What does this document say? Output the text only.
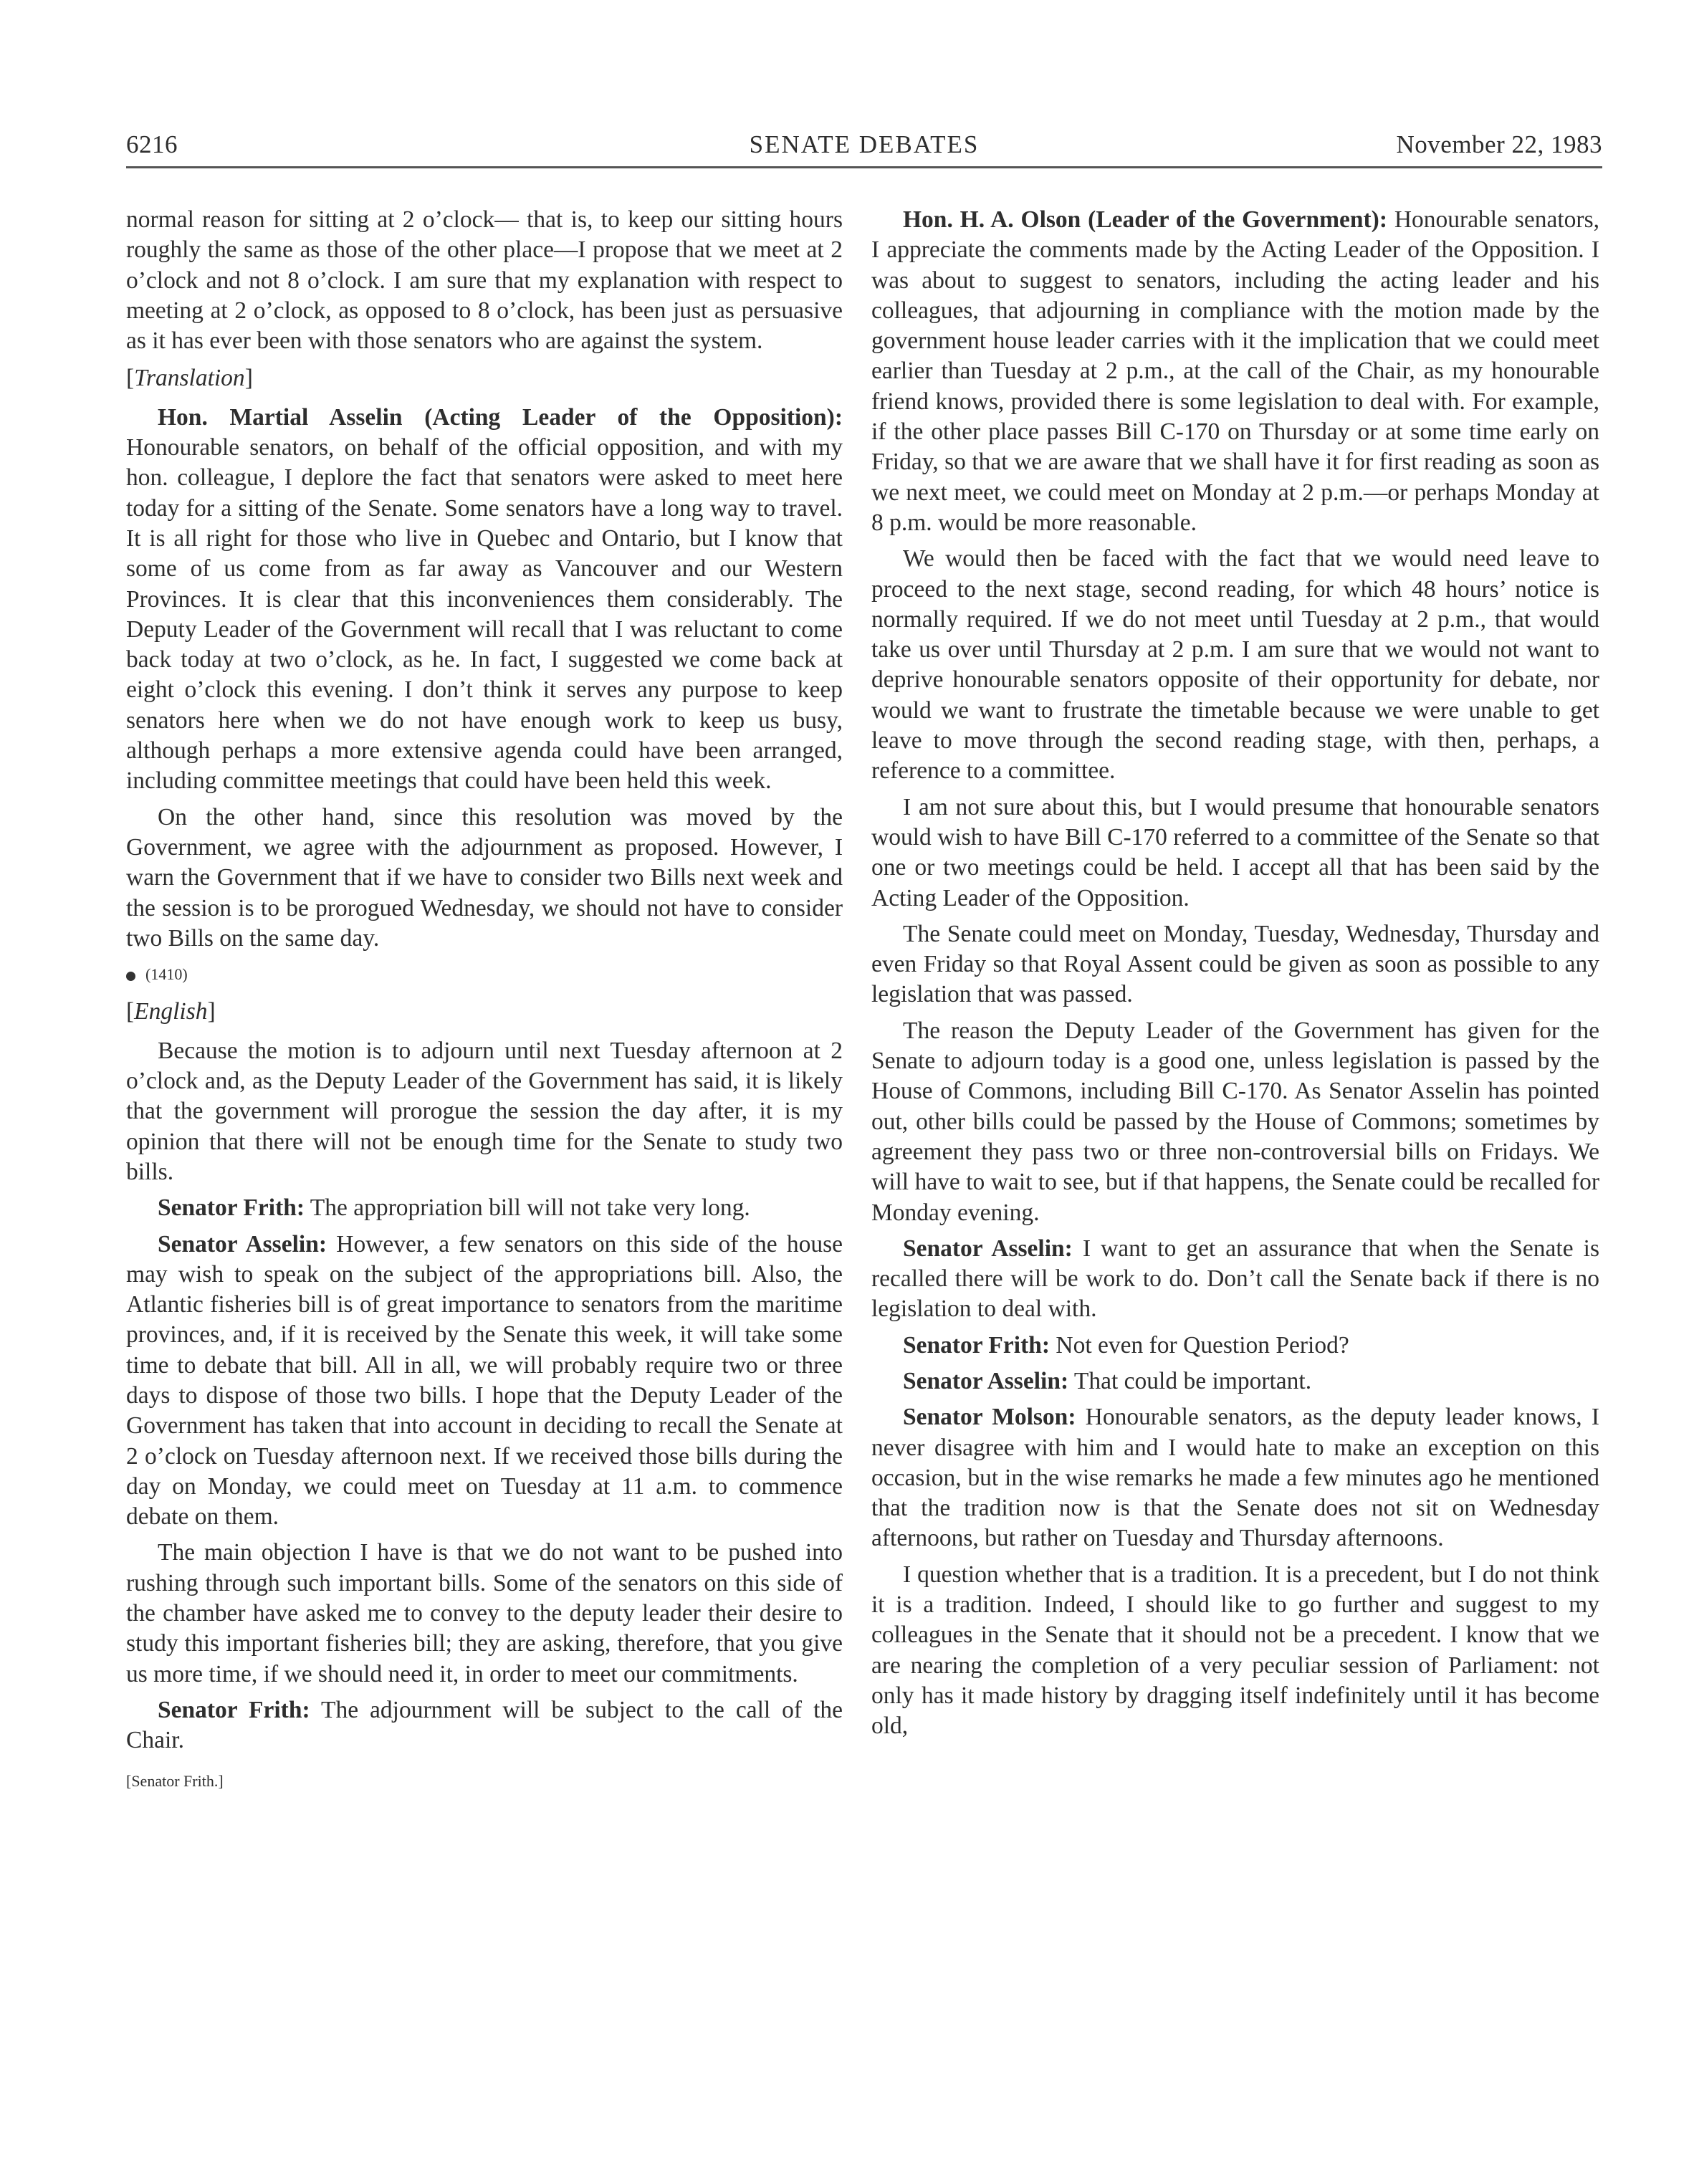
6216	SENATE DEBATES	November 22, 1983

normal reason for sitting at 2 o’clock— that is, to keep our sitting hours roughly the same as those of the other place—I propose that we meet at 2 o’clock and not 8 o’clock. I am sure that my explanation with respect to meeting at 2 o’clock, as opposed to 8 o’clock, has been just as persuasive as it has ever been with those senators who are against the system.

[Translation]

Hon. Martial Asselin (Acting Leader of the Opposition): Honourable senators, on behalf of the official opposition, and with my hon. colleague, I deplore the fact that senators were asked to meet here today for a sitting of the Senate. Some senators have a long way to travel. It is all right for those who live in Quebec and Ontario, but I know that some of us come from as far away as Vancouver and our Western Provinces. It is clear that this inconveniences them considerably. The Deputy Leader of the Government will recall that I was reluctant to come back today at two o’clock, as he. In fact, I suggested we come back at eight o’clock this evening. I don’t think it serves any purpose to keep senators here when we do not have enough work to keep us busy, although perhaps a more extensive agenda could have been arranged, including committee meetings that could have been held this week.

On the other hand, since this resolution was moved by the Government, we agree with the adjournment as proposed. However, I warn the Government that if we have to consider two Bills next week and the session is to be prorogued Wednesday, we should not have to consider two Bills on the same day.

(1410)

[English]

Because the motion is to adjourn until next Tuesday afternoon at 2 o’clock and, as the Deputy Leader of the Government has said, it is likely that the government will prorogue the session the day after, it is my opinion that there will not be enough time for the Senate to study two bills.

Senator Frith: The appropriation bill will not take very long.

Senator Asselin: However, a few senators on this side of the house may wish to speak on the subject of the appropriations bill. Also, the Atlantic fisheries bill is of great importance to senators from the maritime provinces, and, if it is received by the Senate this week, it will take some time to debate that bill. All in all, we will probably require two or three days to dispose of those two bills. I hope that the Deputy Leader of the Government has taken that into account in deciding to recall the Senate at 2 o’clock on Tuesday afternoon next. If we received those bills during the day on Monday, we could meet on Tuesday at 11 a.m. to commence debate on them.

The main objection I have is that we do not want to be pushed into rushing through such important bills. Some of the senators on this side of the chamber have asked me to convey to the deputy leader their desire to study this important fisheries bill; they are asking, therefore, that you give us more time, if we should need it, in order to meet our commitments.

Senator Frith: The adjournment will be subject to the call of the Chair.

[Senator Frith.]

Hon. H. A. Olson (Leader of the Government): Honourable senators, I appreciate the comments made by the Acting Leader of the Opposition. I was about to suggest to senators, including the acting leader and his colleagues, that adjourning in compliance with the motion made by the government house leader carries with it the implication that we could meet earlier than Tuesday at 2 p.m., at the call of the Chair, as my honourable friend knows, provided there is some legislation to deal with. For example, if the other place passes Bill C-170 on Thursday or at some time early on Friday, so that we are aware that we shall have it for first reading as soon as we next meet, we could meet on Monday at 2 p.m.—or perhaps Monday at 8 p.m. would be more reasonable.

We would then be faced with the fact that we would need leave to proceed to the next stage, second reading, for which 48 hours’ notice is normally required. If we do not meet until Tuesday at 2 p.m., that would take us over until Thursday at 2 p.m. I am sure that we would not want to deprive honourable senators opposite of their opportunity for debate, nor would we want to frustrate the timetable because we were unable to get leave to move through the second reading stage, with then, perhaps, a reference to a committee.

I am not sure about this, but I would presume that honourable senators would wish to have Bill C-170 referred to a committee of the Senate so that one or two meetings could be held. I accept all that has been said by the Acting Leader of the Opposition.

The Senate could meet on Monday, Tuesday, Wednesday, Thursday and even Friday so that Royal Assent could be given as soon as possible to any legislation that was passed.

The reason the Deputy Leader of the Government has given for the Senate to adjourn today is a good one, unless legislation is passed by the House of Commons, including Bill C-170. As Senator Asselin has pointed out, other bills could be passed by the House of Commons; sometimes by agreement they pass two or three non-controversial bills on Fridays. We will have to wait to see, but if that happens, the Senate could be recalled for Monday evening.

Senator Asselin: I want to get an assurance that when the Senate is recalled there will be work to do. Don’t call the Senate back if there is no legislation to deal with.

Senator Frith: Not even for Question Period?

Senator Asselin: That could be important.

Senator Molson: Honourable senators, as the deputy leader knows, I never disagree with him and I would hate to make an exception on this occasion, but in the wise remarks he made a few minutes ago he mentioned that the tradition now is that the Senate does not sit on Wednesday afternoons, but rather on Tuesday and Thursday afternoons.

I question whether that is a tradition. It is a precedent, but I do not think it is a tradition. Indeed, I should like to go further and suggest to my colleagues in the Senate that it should not be a precedent. I know that we are nearing the completion of a very peculiar session of Parliament: not only has it made history by dragging itself indefinitely until it has become old,
